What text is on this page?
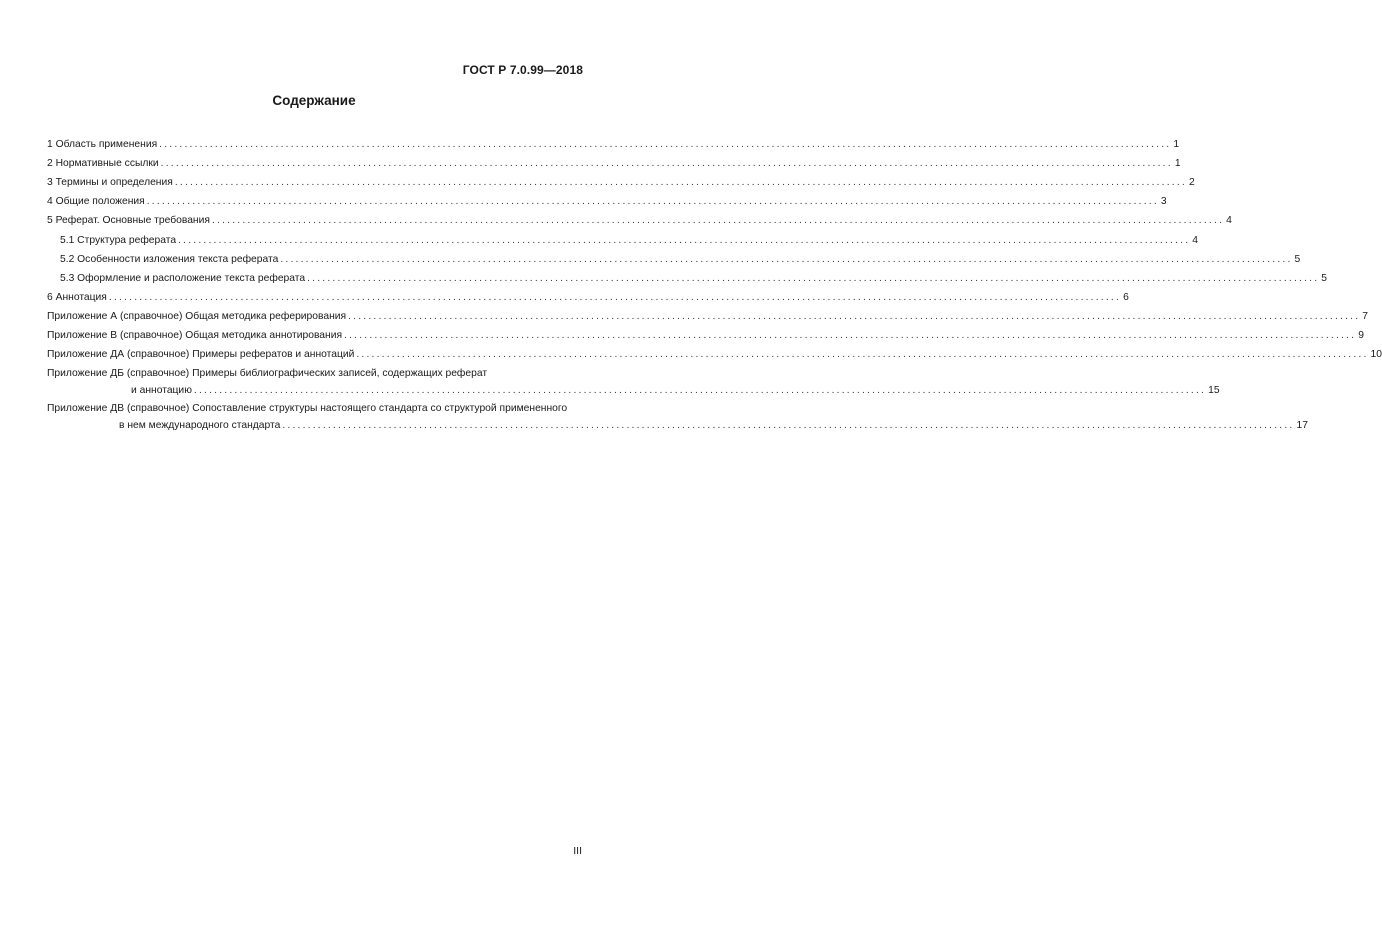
ГОСТ Р 7.0.99—2018
Содержание
1 Область применения ........................................................................................................................................................................................................ 1
2 Нормативные ссылки ........................................................................................................................................................................................................ 1
3 Термины и определения ........................................................................................................................................................................................................ 2
4 Общие положения ........................................................................................................................................................................................................ 3
5 Реферат. Основные требования ........................................................................................................................................................................................................ 4
5.1 Структура реферата ........................................................................................................................................................................................................ 4
5.2 Особенности изложения текста реферата ........................................................................................................................................................................................................ 5
5.3 Оформление и расположение текста реферата ........................................................................................................................................................................................................ 5
6 Аннотация ........................................................................................................................................................................................................ 6
Приложение А (справочное) Общая методика реферирования ........................................................................................................................................................................................................ 7
Приложение В (справочное) Общая методика аннотирования ........................................................................................................................................................................................................ 9
Приложение ДА (справочное) Примеры рефератов и аннотаций ........................................................................................................................................................................................................ 10
Приложение ДБ (справочное) Примеры библиографических записей, содержащих реферат
и аннотацию ........................................................................................................................................................................................................ 15
Приложение ДВ (справочное) Сопоставление структуры настоящего стандарта со структурой примененного
в нем международного стандарта ........................................................................................................................................................................................................ 17
III
